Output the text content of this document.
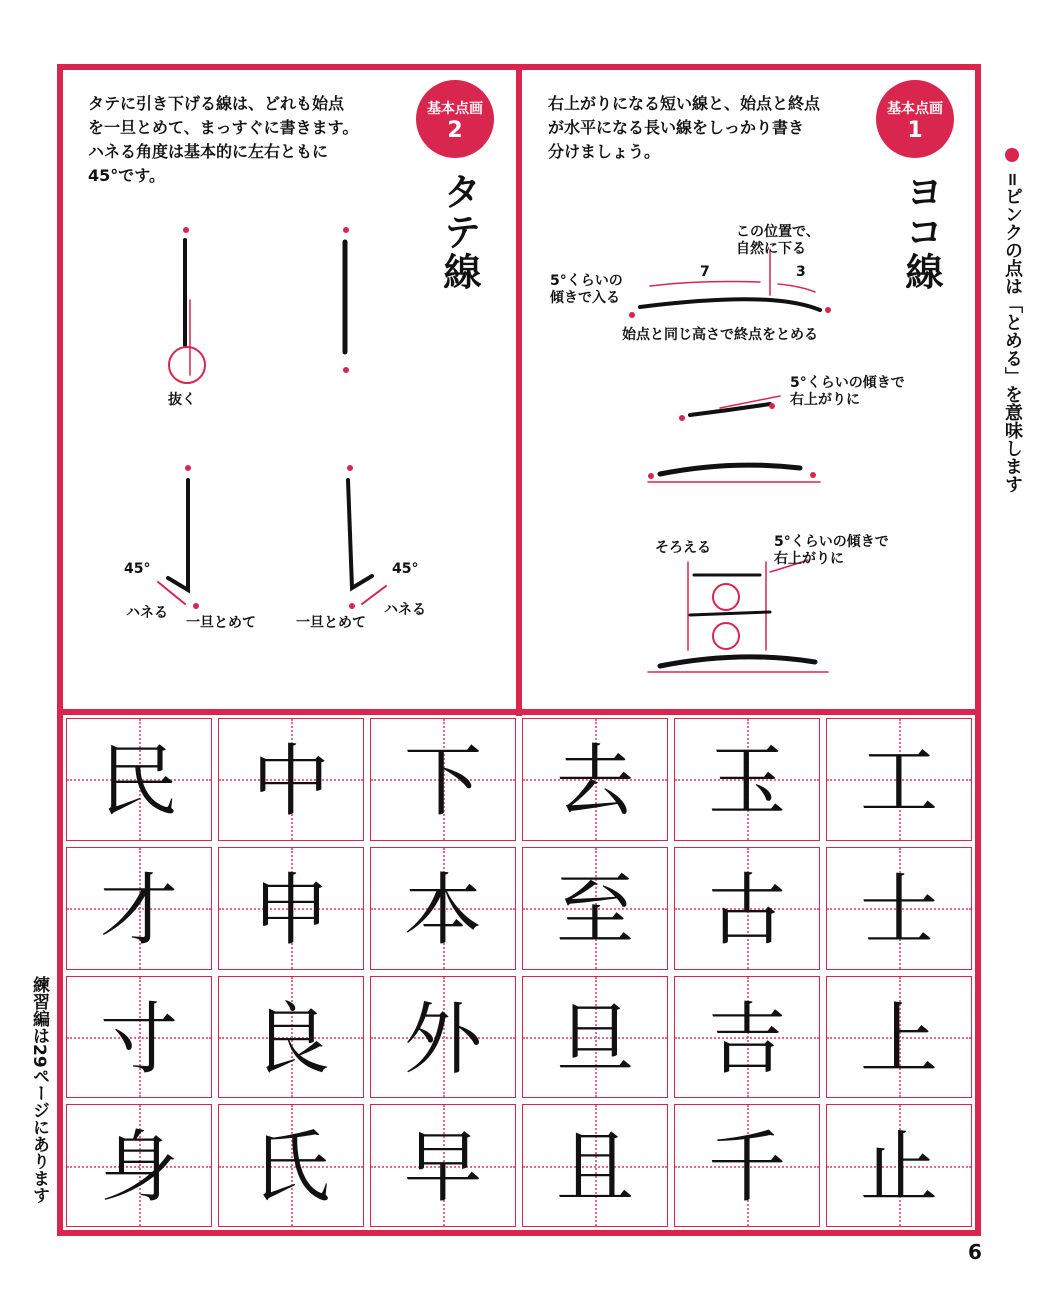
タテに引き下げる線は、どれも始点
を一旦とめて、まっすぐに書きます。
ハネる角度は基本的に左右ともに
45°です。
基本点画
2
タテ線
右上がりになる短い線と、始点と終点
が水平になる長い線をしっかり書き
分けましょう。
基本点画
1
ヨコ線
抜く
45°	45°
ハネる	ハネる
一旦とめて	一旦とめて
この位置で、
自然に下る
7	3
5°くらいの
傾きで入る
始点と同じ高さで終点をとめる
5°くらいの傾きで
右上がりに
そろえる	5°くらいの傾きで
右上がりに
民 中 下 去 玉 工
才 申 本 至 古 士
寸 良 外 旦 吉 上
身 氏 早 且 千 止
=ピンクの点は「とめる」を意味します
練習編は29ページにあります
6
